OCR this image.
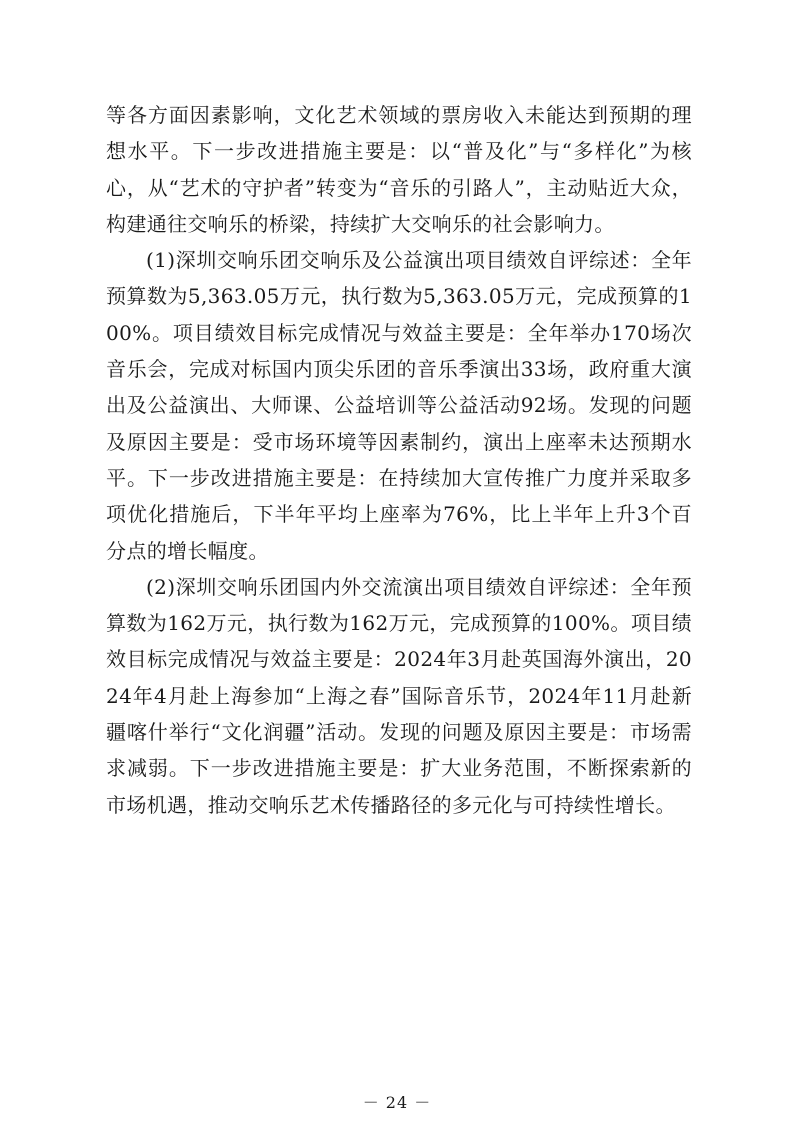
等各方面因素影响，文化艺术领域的票房收入未能达到预期的理想水平。下一步改进措施主要是：以“普及化”与“多样化”为核心，从“艺术的守护者”转变为“音乐的引路人”，主动贴近大众，构建通往交响乐的桥梁，持续扩大交响乐的社会影响力。

(1)深圳交响乐团交响乐及公益演出项目绩效自评综述：全年预算数为5,363.05万元，执行数为5,363.05万元，完成预算的100%。项目绩效目标完成情况与效益主要是：全年举办170场次音乐会，完成对标国内顶尖乐团的音乐季演出33场，政府重大演出及公益演出、大师课、公益培训等公益活动92场。发现的问题及原因主要是：受市场环境等因素制约，演出上座率未达预期水平。下一步改进措施主要是：在持续加大宣传推广力度并采取多项优化措施后，下半年平均上座率为76%，比上半年上升3个百分点的增长幅度。

(2)深圳交响乐团国内外交流演出项目绩效自评综述：全年预算数为162万元，执行数为162万元，完成预算的100%。项目绩效目标完成情况与效益主要是：2024年3月赴英国海外演出，2024年4月赴上海参加“上海之春”国际音乐节，2024年11月赴新疆喀什举行“文化润疆”活动。发现的问题及原因主要是：市场需求减弱。下一步改进措施主要是：扩大业务范围，不断探索新的市场机遇，推动交响乐艺术传播路径的多元化与可持续性增长。

－ 24 －
